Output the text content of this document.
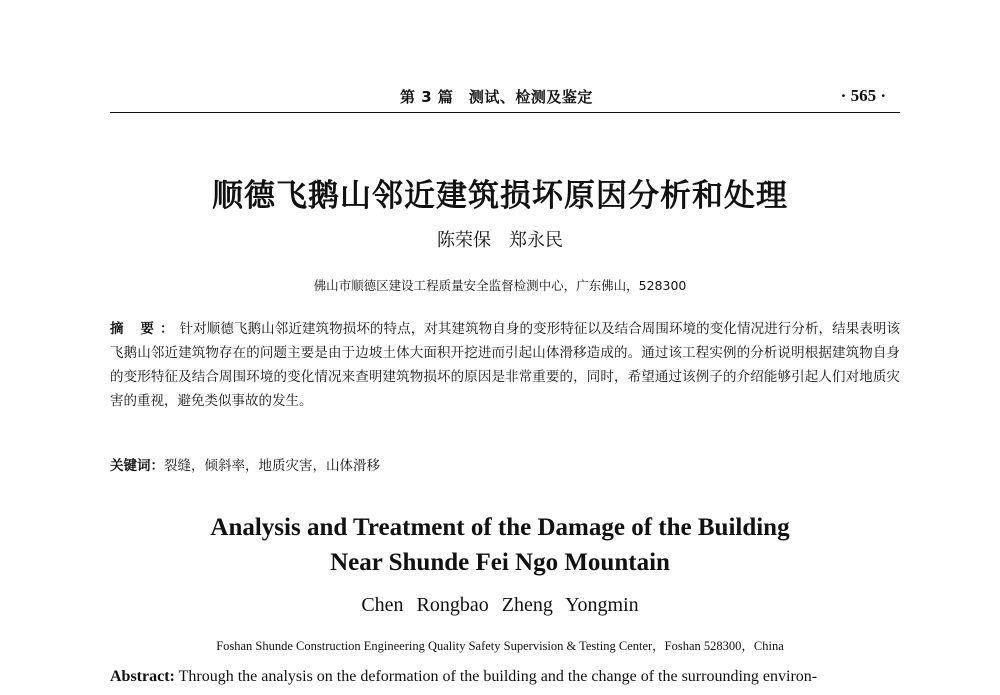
第 3 篇　测试、检测及鉴定	· 565 ·
顺德飞鹅山邻近建筑损坏原因分析和处理
陈荣保　郑永民
佛山市顺德区建设工程质量安全监督检测中心，广东佛山，528300
摘 要：针对顺德飞鹅山邻近建筑物损坏的特点，对其建筑物自身的变形特征以及结合周围环境的变化情况进行分析，结果表明该飞鹅山邻近建筑物存在的问题主要是由于边坡土体大面积开挖进而引起山体滑移造成的。通过该工程实例的分析说明根据建筑物自身的变形特征及结合周围环境的变化情况来查明建筑物损坏的原因是非常重要的，同时，希望通过该例子的介绍能够引起人们对地质灾害的重视，避免类似事故的发生。
关键词：裂缝，倾斜率，地质灾害，山体滑移
Analysis and Treatment of the Damage of the Building
Near Shunde Fei Ngo Mountain
Chen Rongbao Zheng Yongmin
Foshan Shunde Construction Engineering Quality Safety Supervision & Testing Center，Foshan 528300，China
Abstract: Through the analysis on the deformation of the building and the change of the surrounding environ-
